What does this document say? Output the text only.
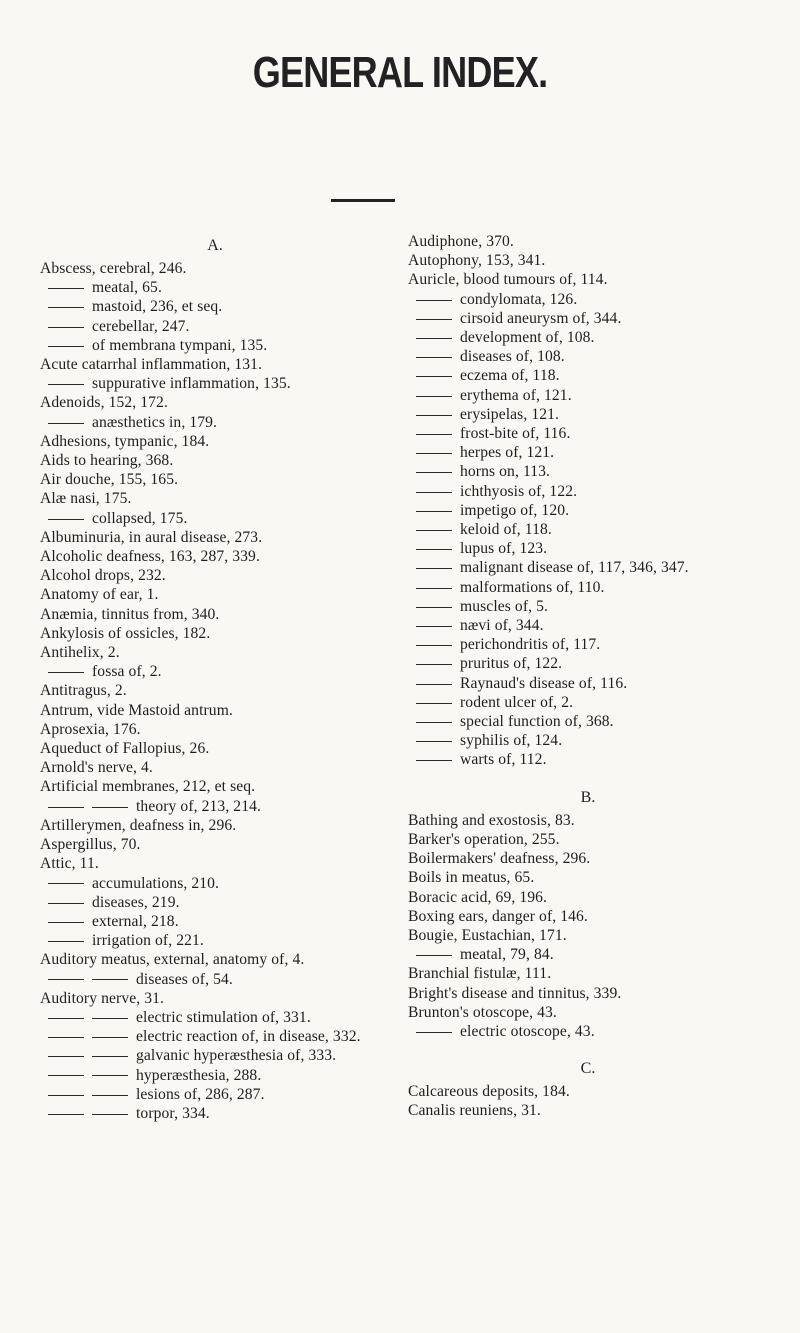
GENERAL INDEX.
A.
Abscess, cerebral, 246.
meatal, 65.
mastoid, 236, et seq.
cerebellar, 247.
of membrana tympani, 135.
Acute catarrhal inflammation, 131.
suppurative inflammation, 135.
Adenoids, 152, 172.
anæsthetics in, 179.
Adhesions, tympanic, 184.
Aids to hearing, 368.
Air douche, 155, 165.
Alæ nasi, 175.
collapsed, 175.
Albuminuria, in aural disease, 273.
Alcoholic deafness, 163, 287, 339.
Alcohol drops, 232.
Anatomy of ear, 1.
Anæmia, tinnitus from, 340.
Ankylosis of ossicles, 182.
Antihelix, 2.
fossa of, 2.
Antitragus, 2.
Antrum, vide Mastoid antrum.
Aprosexia, 176.
Aqueduct of Fallopius, 26.
Arnold's nerve, 4.
Artificial membranes, 212, et seq.
theory of, 213, 214.
Artillerymen, deafness in, 296.
Aspergillus, 70.
Attic, 11.
accumulations, 210.
diseases, 219.
external, 218.
irrigation of, 221.
Auditory meatus, external, anatomy of, 4.
diseases of, 54.
Auditory nerve, 31.
electric stimulation of, 331.
electric reaction of, in disease, 332.
galvanic hyperæsthesia of, 333.
hyperæsthesia, 288.
lesions of, 286, 287.
torpor, 334.
Audiphone, 370.
Autophony, 153, 341.
Auricle, blood tumours of, 114.
condylomata, 126.
cirsoid aneurysm of, 344.
development of, 108.
diseases of, 108.
eczema of, 118.
erythema of, 121.
erysipelas, 121.
frost-bite of, 116.
herpes of, 121.
horns on, 113.
ichthyosis of, 122.
impetigo of, 120.
keloid of, 118.
lupus of, 123.
malignant disease of, 117, 346, 347.
malformations of, 110.
muscles of, 5.
nævi of, 344.
perichondritis of, 117.
pruritus of, 122.
Raynaud's disease of, 116.
rodent ulcer of, 2.
special function of, 368.
syphilis of, 124.
warts of, 112.
B.
Bathing and exostosis, 83.
Barker's operation, 255.
Boilermakers' deafness, 296.
Boils in meatus, 65.
Boracic acid, 69, 196.
Boxing ears, danger of, 146.
Bougie, Eustachian, 171.
meatal, 79, 84.
Branchial fistulæ, 111.
Bright's disease and tinnitus, 339.
Brunton's otoscope, 43.
electric otoscope, 43.
C.
Calcareous deposits, 184.
Canalis reuniens, 31.
